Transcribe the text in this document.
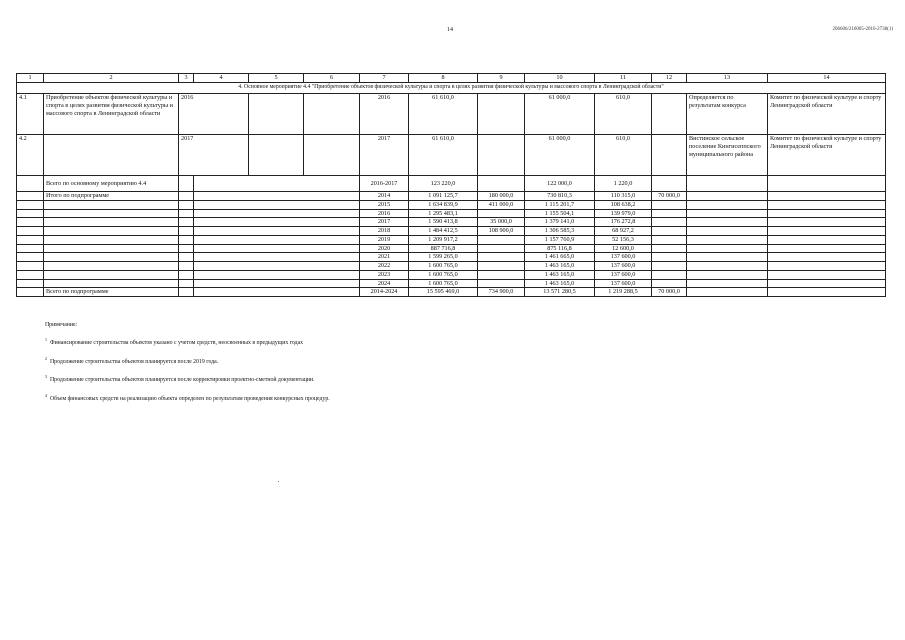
14	206606/216005-2016-2738(1)
1	2	3	4	5	6	7	8	9	10	11	12	13	14
4. Основное мероприятие 4.4 "Приобретение объектов физической культуры и спорта в целях развития физической культуры и массового спорта в Ленинградской области"													
4.1	Приобретение объектов физической культуры и спорта в целях развития физической культуры и массового спорта в Ленинградской области	2016				2016	61 610,0		61 000,0	610,0		Определяется по результатам конкурса	Комитет по физической культуре и спорту Ленинградской области
4.2		2017				2017	61 610,0		61 000,0	610,0		Вистинское сельское поселение Кингисеппского муниципального района	Комитет по физической культуре и спорту Ленинградской области
	Всего по основному мероприятию 4.4					2016-2017	123 220,0		122 000,0	1 220,0			
	Итого по подпрограмме					2014	1 091 125,7	180 000,0	730 810,3	110 315,0	70 000,0		
						2015	1 634 839,9	411 000,0	1 115 201,7	108 638,2			
						2016	1 295 483,1		1 155 504,1	139 979,0			
						2017	1 590 413,8	35 000,0	1 379 141,0	176 272,8			
						2018	1 484 412,5	108 900,0	1 306 585,3	68 927,2			
						2019	1 209 917,2		1 157 760,9	52 156,3			
						2020	887 716,8		875 116,8	12 600,0			
						2021	1 599 265,0		1 461 665,0	137 600,0			
						2022	1 600 765,0		1 463 165,0	137 600,0			
						2023	1 600 765,0		1 463 165,0	137 600,0			
						2024	1 600 765,0		1 463 165,0	137 600,0			
	Всего по подпрограмме					2014-2024	15 595 469,0	734 900,0	13 571 280,5	1 219 288,5	70 000,0		
Примечание:
$^1$Финансирование строительства объектов указано с учетом средств, неосвоенных в предыдущих годах
$^2$Продолжение строительства объектов планируется после 2019 года.
$^3$Продолжение строительства объектов планируется после корректировки проектно-сметной документации.
$^4$Объем финансовых средств на реализацию объекта определен по результатам проведения конкурсных процедур.
